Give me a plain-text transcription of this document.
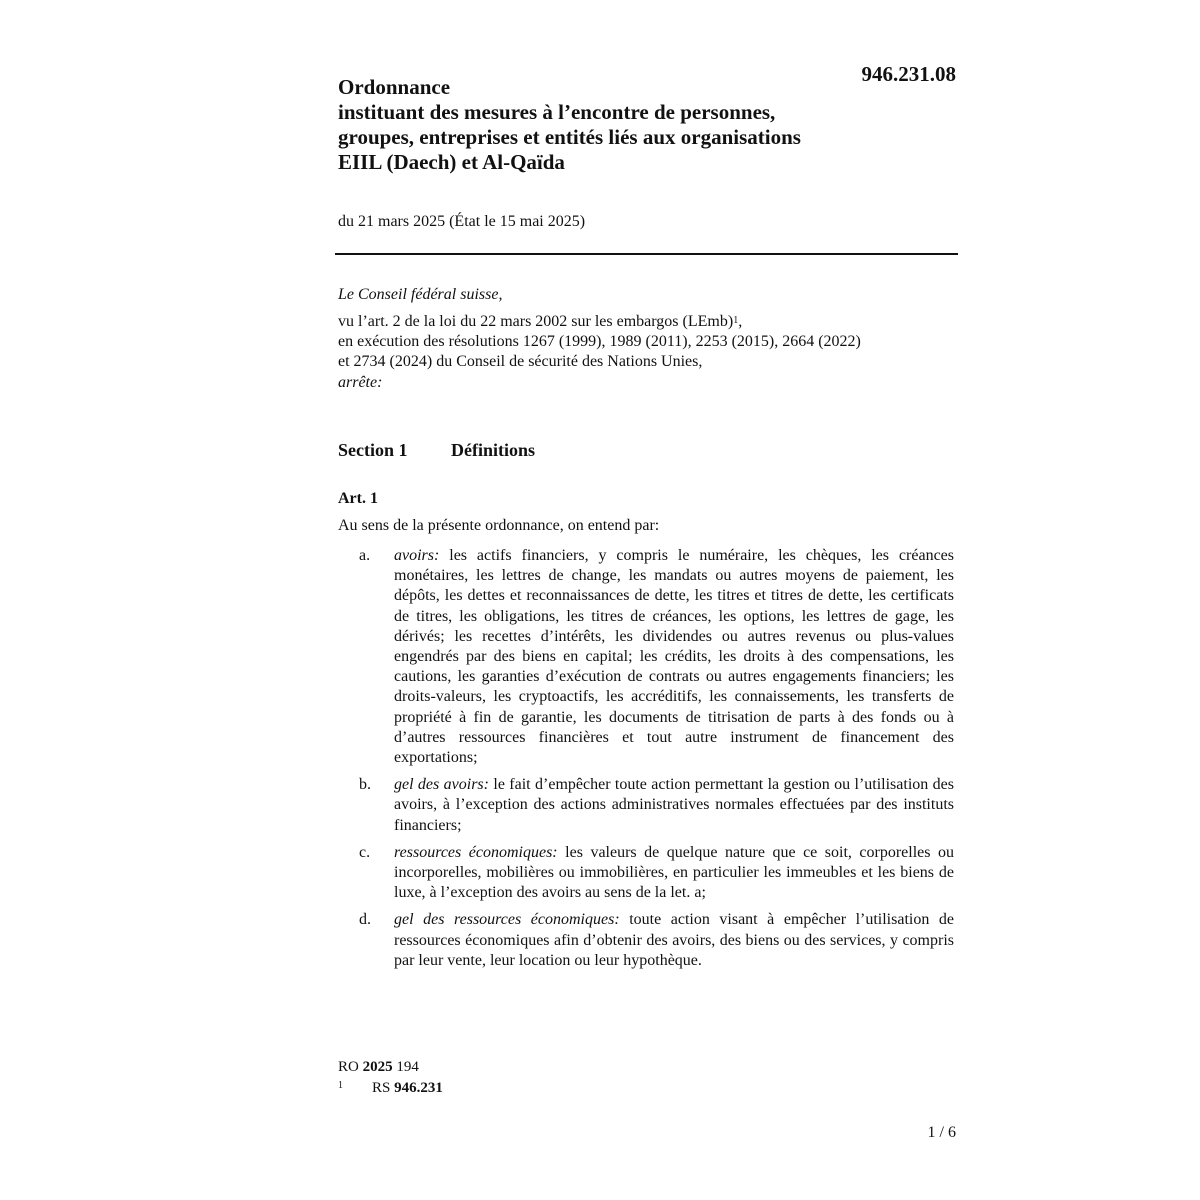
946.231.08
Ordonnance
instituant des mesures à l’encontre de personnes,
groupes, entreprises et entités liés aux organisations
EIIL (Daech) et Al-Qaïda
du 21 mars 2025 (État le 15 mai 2025)
Le Conseil fédéral suisse,
vu l’art. 2 de la loi du 22 mars 2002 sur les embargos (LEmb)$^1$,
en exécution des résolutions 1267 (1999), 1989 (2011), 2253 (2015), 2664 (2022)
et 2734 (2024) du Conseil de sécurité des Nations Unies,
arrête:
Section 1 Définitions
Art. 1
Au sens de la présente ordonnance, on entend par:
a.	avoirs: les actifs financiers, y compris le numéraire, les chèques, les créances monétaires, les lettres de change, les mandats ou autres moyens de paiement, les dépôts, les dettes et reconnaissances de dette, les titres et titres de dette, les certificats de titres, les obligations, les titres de créances, les options, les lettres de gage, les dérivés; les recettes d’intérêts, les dividendes ou autres revenus ou plus-values engendrés par des biens en capital; les crédits, les droits à des compensations, les cautions, les garanties d’exécution de contrats ou autres engagements financiers; les droits-valeurs, les cryptoactifs, les accréditifs, les connaissements, les transferts de propriété à fin de garantie, les documents de titrisation de parts à des fonds ou à d’autres ressources financières et tout autre instrument de financement des exportations;
b.	gel des avoirs: le fait d’empêcher toute action permettant la gestion ou l’utilisation des avoirs, à l’exception des actions administratives normales effectuées par des instituts financiers;
c.	ressources économiques: les valeurs de quelque nature que ce soit, corporelles ou incorporelles, mobilières ou immobilières, en particulier les immeubles et les biens de luxe, à l’exception des avoirs au sens de la let. a;
d.	gel des ressources économiques: toute action visant à empêcher l’utilisation de ressources économiques afin d’obtenir des avoirs, des biens ou des services, y compris par leur vente, leur location ou leur hypothèque.
RO 2025 194
1 RS 946.231
1 / 6
